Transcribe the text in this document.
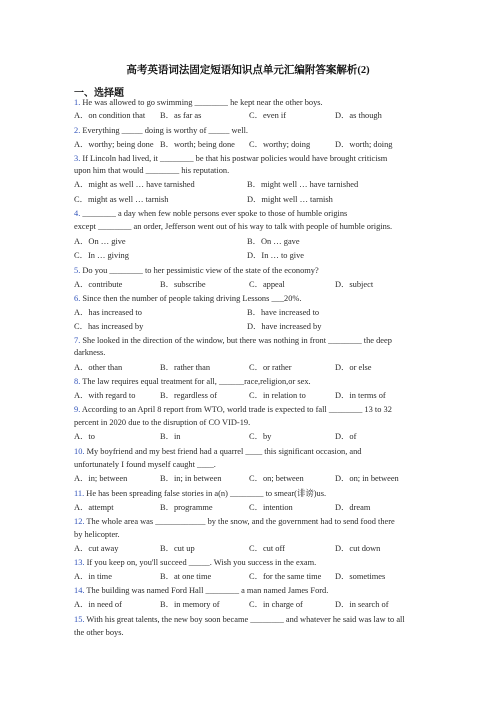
高考英语词法固定短语知识点单元汇编附答案解析(2)
一、选择题
1. He was allowed to go swimming ________ he kept near the other boys.
A．on condition that B．as far as	C．even if	D．as though
2. Everything _____ doing is worthy of _____ well.
A．worthy; being done B．worth; being done C．worthy; doing	D．worth; doing
3. If Lincoln had lived, it ________ be that his postwar policies would have brought criticism
upon him that would ________ his reputation.
A．might as well … have tarnished	B．might well … have tarnished
C．might as well … tarnish	D．might well … tarnish
4. ________ a day when few noble persons ever spoke to those of humble origins
except ________ an order, Jefferson went out of his way to talk with people of humble origins.
A．On … give	B．On … gave
C．In … giving	D．In … to give
5. Do you ________ to her pessimistic view of the state of the economy?
A．contribute	B．subscribe	C．appeal	D．subject
6. Since then the number of people taking driving Lessons ___20%.
A．has increased to	B．have increased to
C．has increased by	D．have increased by
7. She looked in the direction of the window, but there was nothing in front ________ the deep
darkness.
A．other than	B．rather than	C．or rather	D．or else
8. The law requires equal treatment for all, ______race,religion,or sex.
A．with regard to	B．regardless of	C．in relation to	D．in terms of
9. According to an April 8 report from WTO, world trade is expected to fall ________ 13 to 32
percent in 2020 due to the disruption of CO VID-19.
A．to	B．in	C．by	D．of
10. My boyfriend and my best friend had a quarrel ____ this significant occasion, and
unfortunately I found myself caught ____.
A．in; between	B．in; in between	C．on; between	D．on; in between
11. He has been spreading false stories in a(n) ________ to smear(诽谤)us.
A．attempt	B．programme	C．intention	D．dream
12. The whole area was ____________ by the snow, and the government had to send food there
by helicopter.
A．cut away	B．cut up	C．cut off	D．cut down
13. If you keep on, you'll succeed _____. Wish you success in the exam.
A．in time	B．at one time	C．for the same time D．sometimes
14. The building was named Ford Hall ________ a man named James Ford.
A．in need of	B．in memory of	C．in charge of	D．in search of
15. With his great talents, the new boy soon became ________ and whatever he said was law to all
the other boys.
